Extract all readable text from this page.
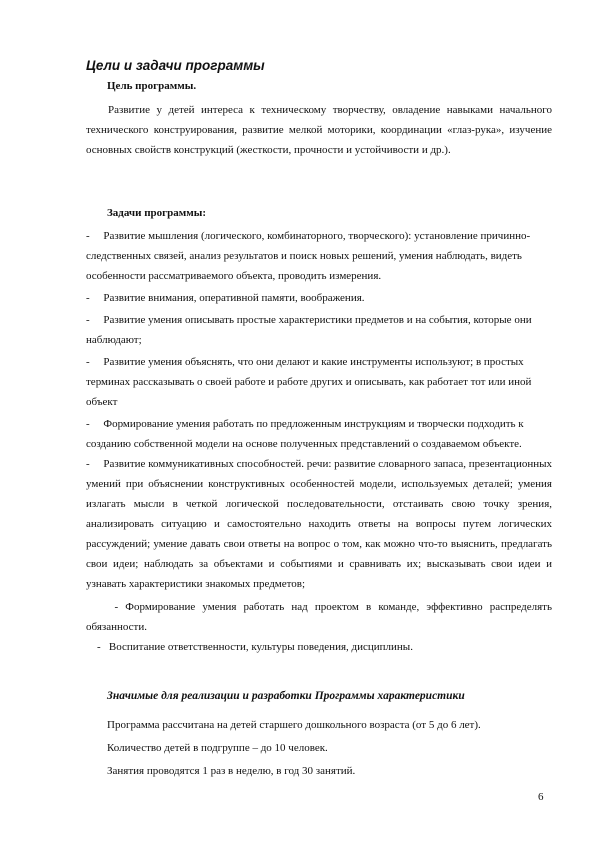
Цели и задачи программы
Цель программы.

Развитие у детей интереса к техническому творчеству, овладение навыками начального технического конструирования, развитие мелкой моторики, координации «глаз-рука», изучение основных свойств конструкций (жесткости, прочности и устойчивости и др.).

Задачи программы:

-     Развитие мышления (логического, комбинаторного, творческого): установление причинно-следственных связей, анализ результатов и поиск новых решений, умения наблюдать, видеть особенности рассматриваемого объекта, проводить измерения.

-     Развитие внимания, оперативной памяти, воображения.

-     Развитие умения описывать простые характеристики предметов и на события, которые они наблюдают;

-     Развитие умения объяснять, что они делают и какие инструменты используют; в простых терминах рассказывать о своей работе и работе других и описывать, как работает тот или иной объект

-     Формирование умения работать по предложенным инструкциям и творчески подходить к созданию собственной модели на основе полученных представлений о создаваемом объекте.

-     Развитие коммуникативных способностей. речи: развитие словарного запаса, презентационных умений при объяснении конструктивных особенностей модели, используемых деталей; умения излагать мысли в четкой логической последовательности, отстаивать свою точку зрения, анализировать ситуацию и самостоятельно находить ответы на вопросы путем логических рассуждений; умение давать свои ответы на вопрос о том, как можно что-то выяснить, предлагать свои идеи; наблюдать за объектами и событиями и сравнивать их; высказывать свои идеи и узнавать характеристики знакомых предметов;

- Формирование умения работать над проектом в команде, эффективно распределять обязанности.

-   Воспитание ответственности, культуры поведения, дисциплины.

Значимые для реализации и разработки Программы характеристики

Программа рассчитана на детей старшего дошкольного возраста (от 5 до 6 лет).

Количество детей в подгруппе – до 10 человек.

Занятия проводятся 1 раз в неделю, в год 30 занятий.

6
